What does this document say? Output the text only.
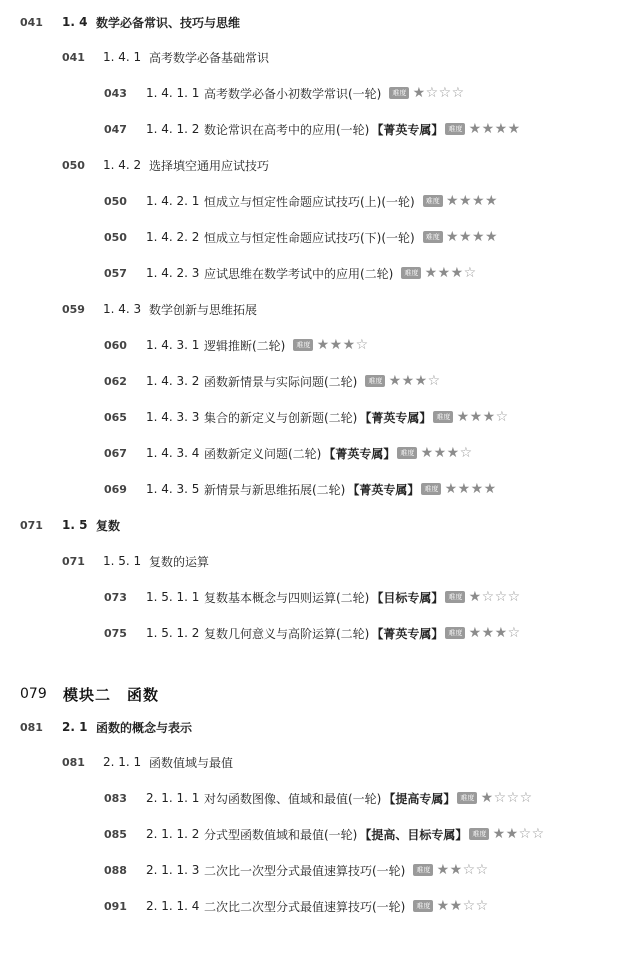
041 1. 4 数学必备常识、技巧与思维
041 1. 4. 1 高考数学必备基础常识
043 1. 4. 1. 1 高考数学必备小初数学常识(一轮)	难度 ★ ☆ ☆ ☆
047 1. 4. 1. 2 数论常识在高考中的应用(一轮) 【菁英专属】 难度 ★ ★ ★ ★
050 1. 4. 2 选择填空通用应试技巧
050 1. 4. 2. 1 恒成立与恒定性命题应试技巧(上)(一轮)	难度 ★ ★ ★ ★
050 1. 4. 2. 2 恒成立与恒定性命题应试技巧(下)(一轮)	难度 ★ ★ ★ ★
057 1. 4. 2. 3 应试思维在数学考试中的应用(二轮)	难度 ★ ★ ★ ☆
059 1. 4. 3 数学创新与思维拓展
060 1. 4. 3. 1 逻辑推断(二轮)	难度 ★ ★ ★ ☆
062 1. 4. 3. 2 函数新情景与实际问题(二轮)	难度 ★ ★ ★ ☆
065 1. 4. 3. 3 集合的新定义与创新题(二轮) 【菁英专属】 难度 ★ ★ ★ ☆
067 1. 4. 3. 4 函数新定义问题(二轮) 【菁英专属】 难度 ★ ★ ★ ☆
069 1. 4. 3. 5 新情景与新思维拓展(二轮) 【菁英专属】 难度 ★ ★ ★ ★
071 1. 5 复数
071 1. 5. 1 复数的运算
073 1. 5. 1. 1 复数基本概念与四则运算(二轮) 【目标专属】 难度 ★ ☆ ☆ ☆
075 1. 5. 1. 2 复数几何意义与高阶运算(二轮) 【菁英专属】 难度 ★ ★ ★ ☆
079 模块二　函数
081 2. 1 函数的概念与表示
081 2. 1. 1 函数值域与最值
083 2. 1. 1. 1 对勾函数图像、值域和最值(一轮) 【提高专属】 难度 ★ ☆ ☆ ☆
085 2. 1. 1. 2 分式型函数值域和最值(一轮) 【提高、目标专属】 难度 ★ ★ ☆ ☆
088 2. 1. 1. 3 二次比一次型分式最值速算技巧(一轮)	难度 ★ ★ ☆ ☆
091 2. 1. 1. 4 二次比二次型分式最值速算技巧(一轮)	难度 ★ ★ ☆ ☆
